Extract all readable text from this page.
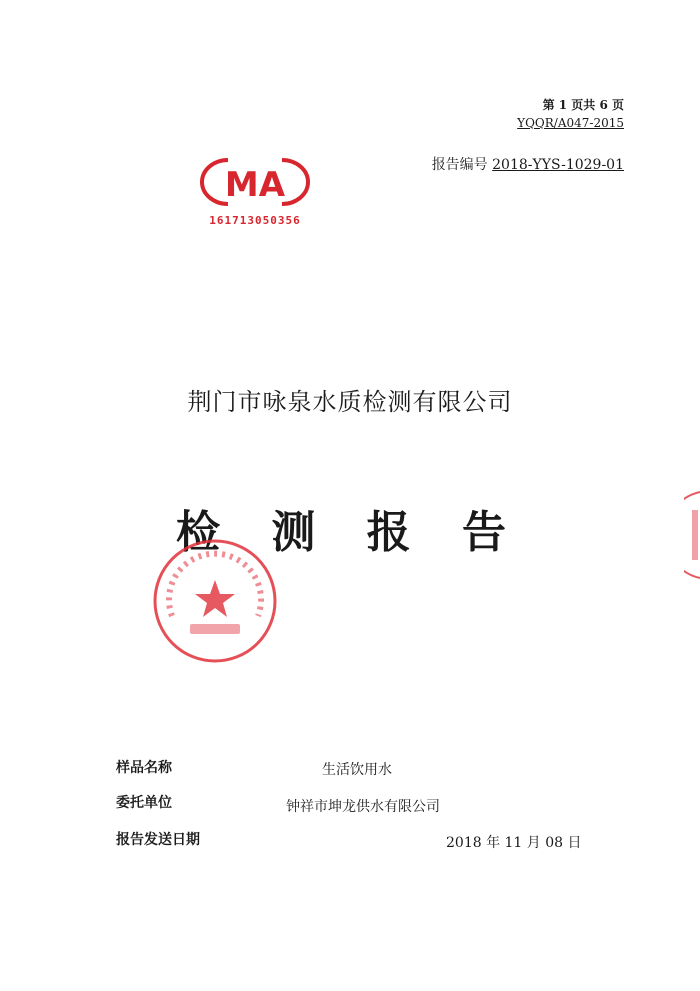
第 1 页共 6 页
YQQR/A047-2015
报告编号 2018-YYS-1029-01
MA
161713050356
荆门市咏泉水质检测有限公司
检 测 报 告
样品名称	生活饮用水
委托单位	钟祥市坤龙供水有限公司
报告发送日期	2018 年 11 月 08 日
